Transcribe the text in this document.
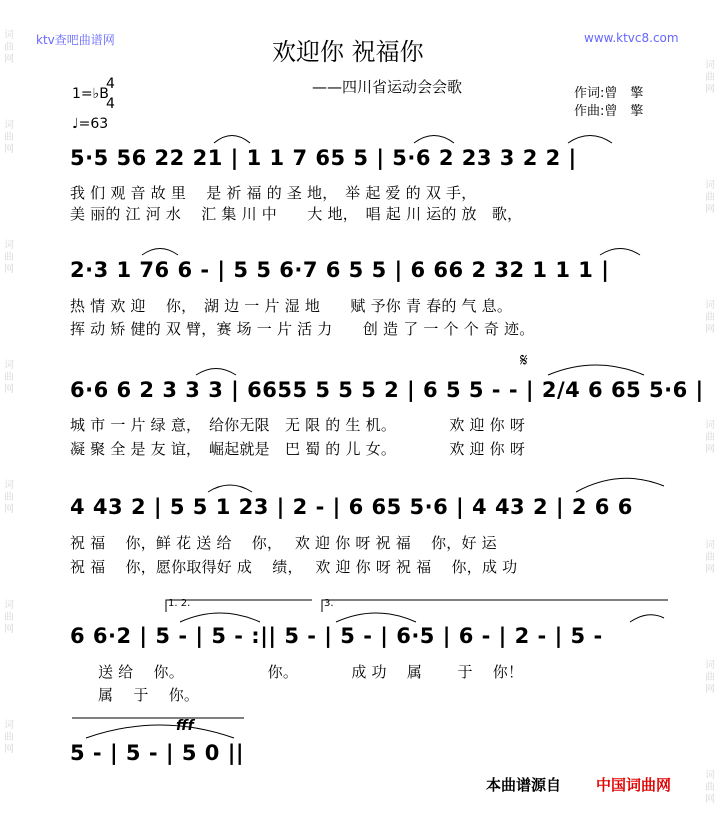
词曲网
词曲网
词曲网
词曲网
词曲网
词曲网
词曲网
词曲网
词曲网
词曲网
词曲网
词曲网
词曲网
词曲网
ktv查吧曲谱网	www.ktvc8.com
欢迎你 祝福你
——四川省运动会会歌	作词:曾　擎
作曲:曾　擎
1=♭B
4
4
♩=63
5·5 56 22 21 | 1 1 7 65 5 | 5·6 2 23 3 2 2 |
我 们 观 音 故 里　 是 祈 福 的 圣 地，　举 起 爱 的 双 手，
美 丽的 江 河 水　 汇 集 川 中　　大 地，　唱 起 川 运的 放　歌，
2·3 1 76 6 - | 5 5 6·7 6 5 5 | 6 66 2 32 1 1 1 |
热 情 欢 迎　 你，　湖 边 一 片 湿 地　　赋 予你 青 春的 气 息。
挥 动 矫 健的 双 臂，赛 场 一 片 活 力　　创 造 了 一 个 个 奇 迹。
𝄋
6·6 6 2 3 3 3 | 6655 5 5 5 2 | 6 5 5 - - | 2/4 6 65 5·6 |
城 市 一 片 绿 意，　给你无限　无 限 的 生 机。　　　　欢 迎 你 呀
凝 聚 全 是 友 谊，　崛起就是　巴 蜀 的 儿 女。　　　　欢 迎 你 呀
4 43 2 | 5 5 1 23 | 2 - | 6 65 5·6 | 4 43 2 | 2 6 6
祝 福　 你，鲜 花 送 给　 你，　 欢 迎 你 呀 祝 福　 你，好 运
祝 福　 你，愿你取得好 成　 绩，　 欢 迎 你 呀 祝 福　 你，成 功
1. 2.	3.
6 6·2 | 5 - | 5 - :|| 5 - | 5 - | 6·5 | 6 - | 2 - | 5 -
送 给　 你。　　　　　　你。　　　　成 功　 属　　 于　 你！
属　 于　 你。
fff
5 - | 5 - | 5 0 ||
本曲谱源自 中国词曲网
